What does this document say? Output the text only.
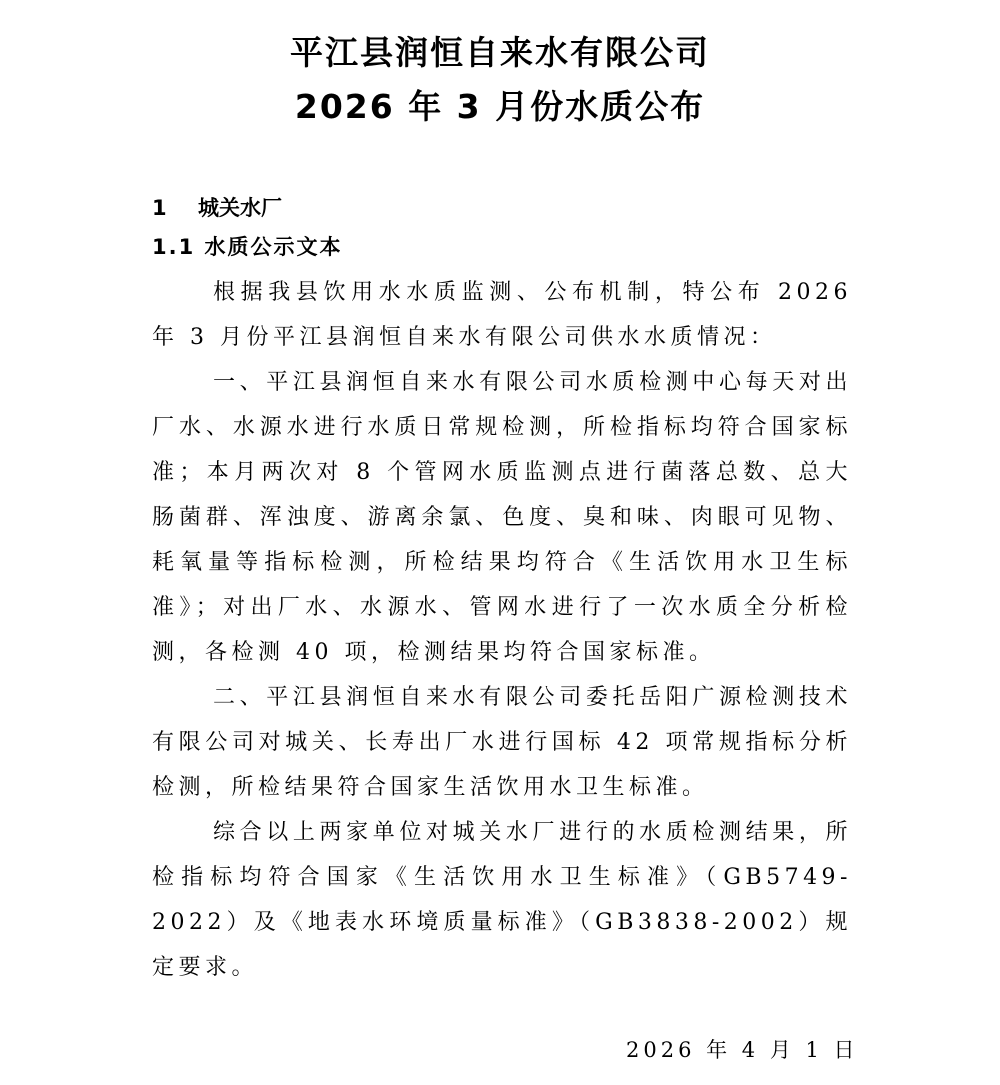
平江县润恒自来水有限公司
2026 年 3 月份水质公布
1 城关水厂
1.1 水质公示文本

根据我县饮用水水质监测、公布机制，特公布 2026 年 3 月份平江县润恒自来水有限公司供水水质情况：

一、平江县润恒自来水有限公司水质检测中心每天对出厂水、水源水进行水质日常规检测，所检指标均符合国家标准；本月两次对 8 个管网水质监测点进行菌落总数、总大肠菌群、浑浊度、游离余氯、色度、臭和味、肉眼可见物、耗氧量等指标检测，所检结果均符合《生活饮用水卫生标准》；对出厂水、水源水、管网水进行了一次水质全分析检测，各检测 40 项，检测结果均符合国家标准。

二、平江县润恒自来水有限公司委托岳阳广源检测技术有限公司对城关、长寿出厂水进行国标 42 项常规指标分析检测，所检结果符合国家生活饮用水卫生标准。

综合以上两家单位对城关水厂进行的水质检测结果，所检指标均符合国家《生活饮用水卫生标准》（GB5749-2022）及《地表水环境质量标准》（GB3838-2002）规定要求。

2026 年 4 月 1 日
